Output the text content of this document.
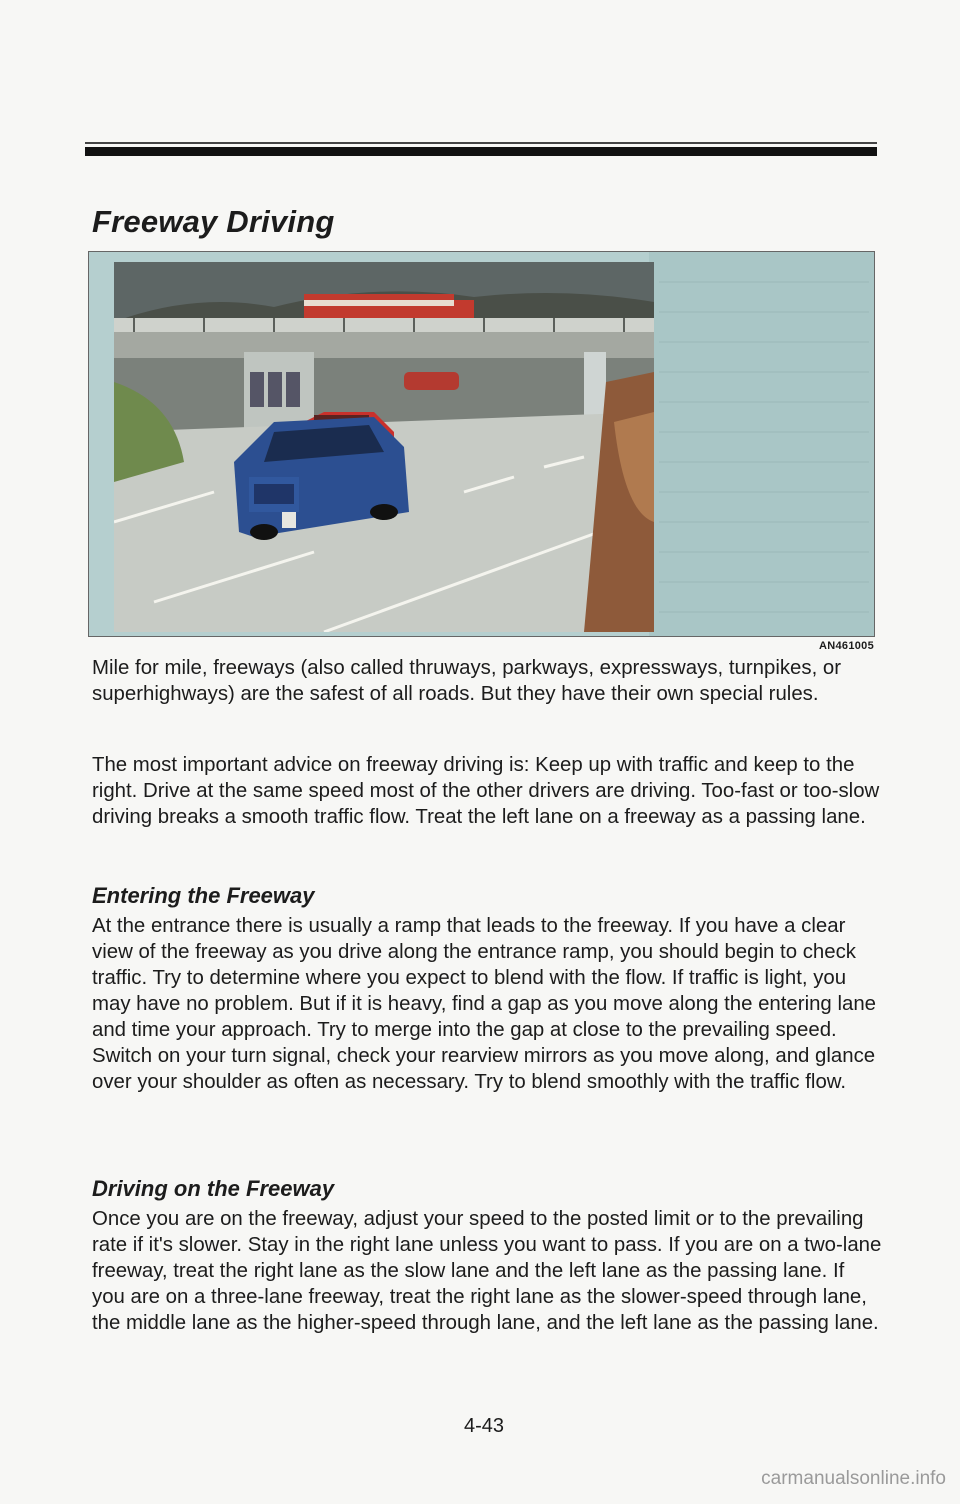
Freeway Driving
AN461005

Mile for mile, freeways (also called thruways, parkways, expressways, turnpikes, or superhighways) are the safest of all roads. But they have their own special rules.

The most important advice on freeway driving is: Keep up with traffic and keep to the right. Drive at the same speed most of the other drivers are driving. Too-fast or too-slow driving breaks a smooth traffic flow. Treat the left lane on a freeway as a passing lane.

Entering the Freeway

At the entrance there is usually a ramp that leads to the freeway. If you have a clear view of the freeway as you drive along the entrance ramp, you should begin to check traffic. Try to determine where you expect to blend with the flow. If traffic is light, you may have no problem. But if it is heavy, find a gap as you move along the entering lane and time your approach. Try to merge into the gap at close to the prevailing speed. Switch on your turn signal, check your rearview mirrors as you move along, and glance over your shoulder as often as necessary. Try to blend smoothly with the traffic flow.

Driving on the Freeway

Once you are on the freeway, adjust your speed to the posted limit or to the prevailing rate if it's slower. Stay in the right lane unless you want to pass. If you are on a two-lane freeway, treat the right lane as the slow lane and the left lane as the passing lane. If you are on a three-lane freeway, treat the right lane as the slower-speed through lane, the middle lane as the higher-speed through lane, and the left lane as the passing lane.

4-43
carmanualsonline.info
